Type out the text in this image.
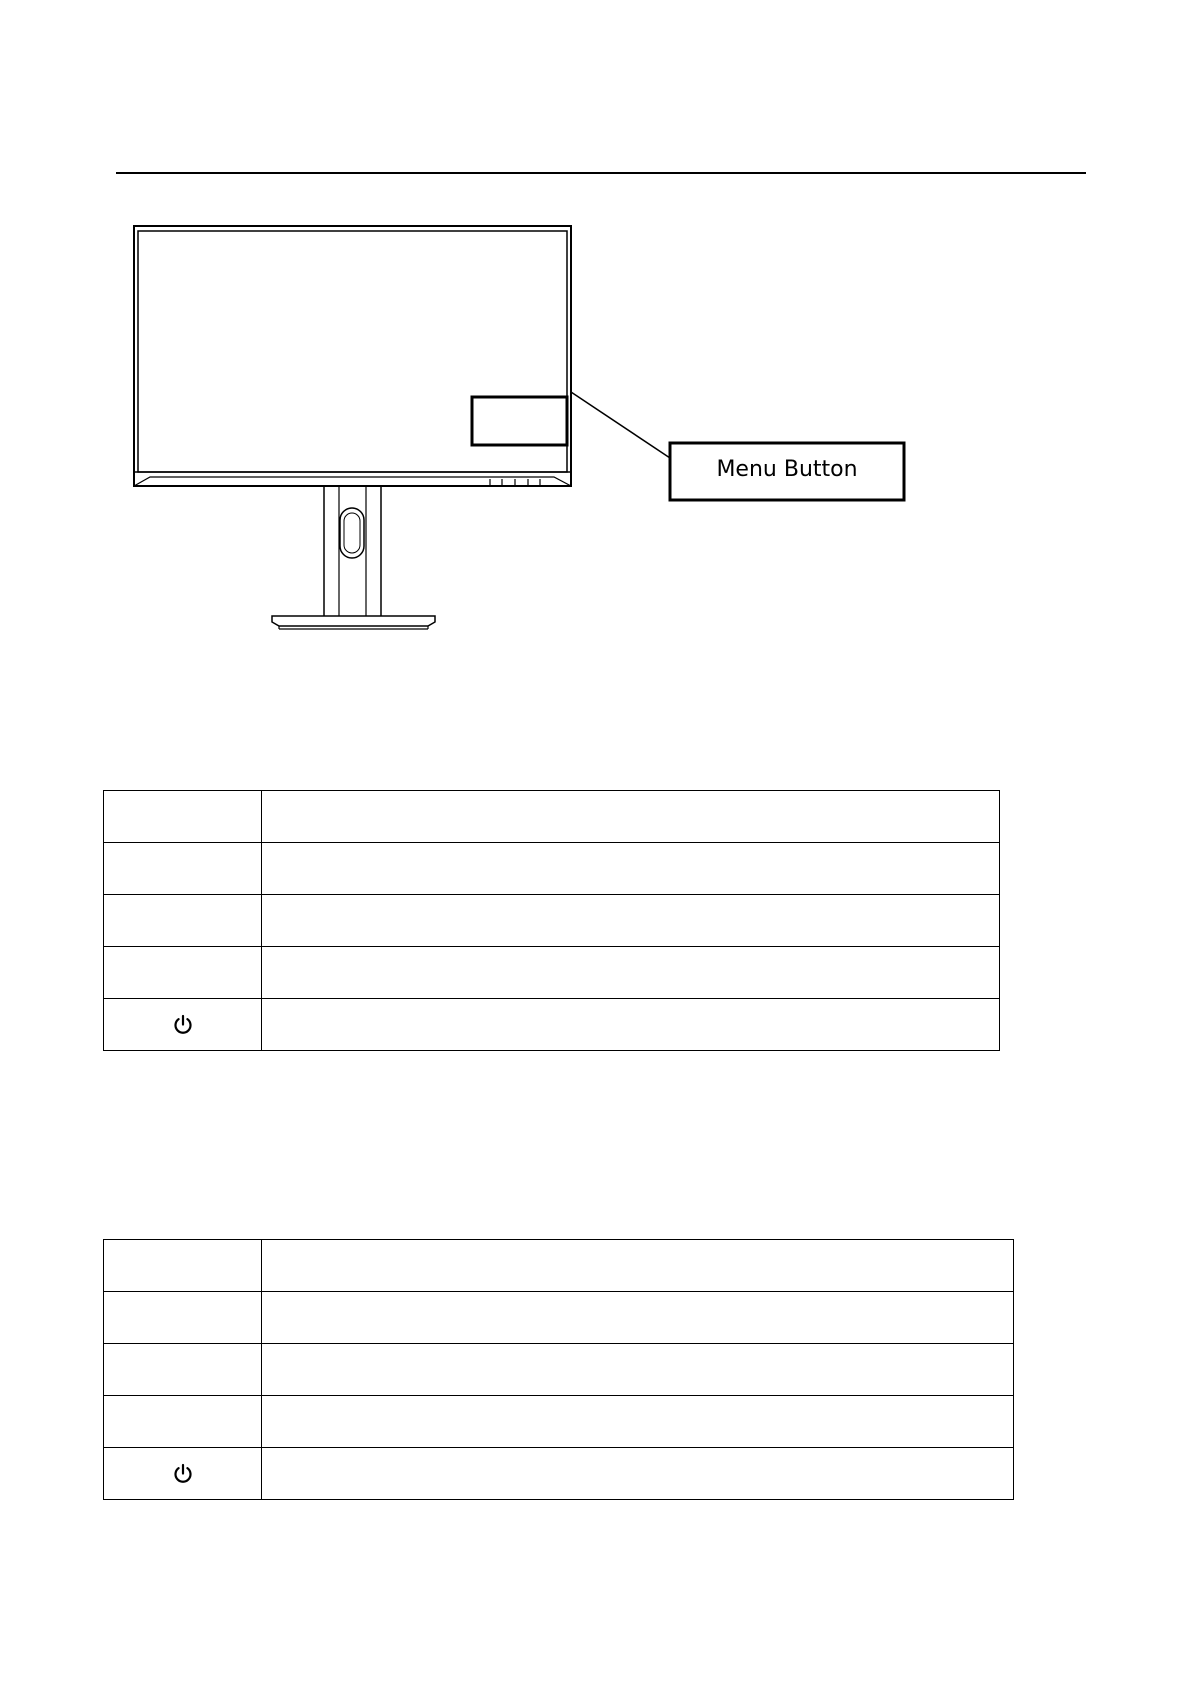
Menu Button
